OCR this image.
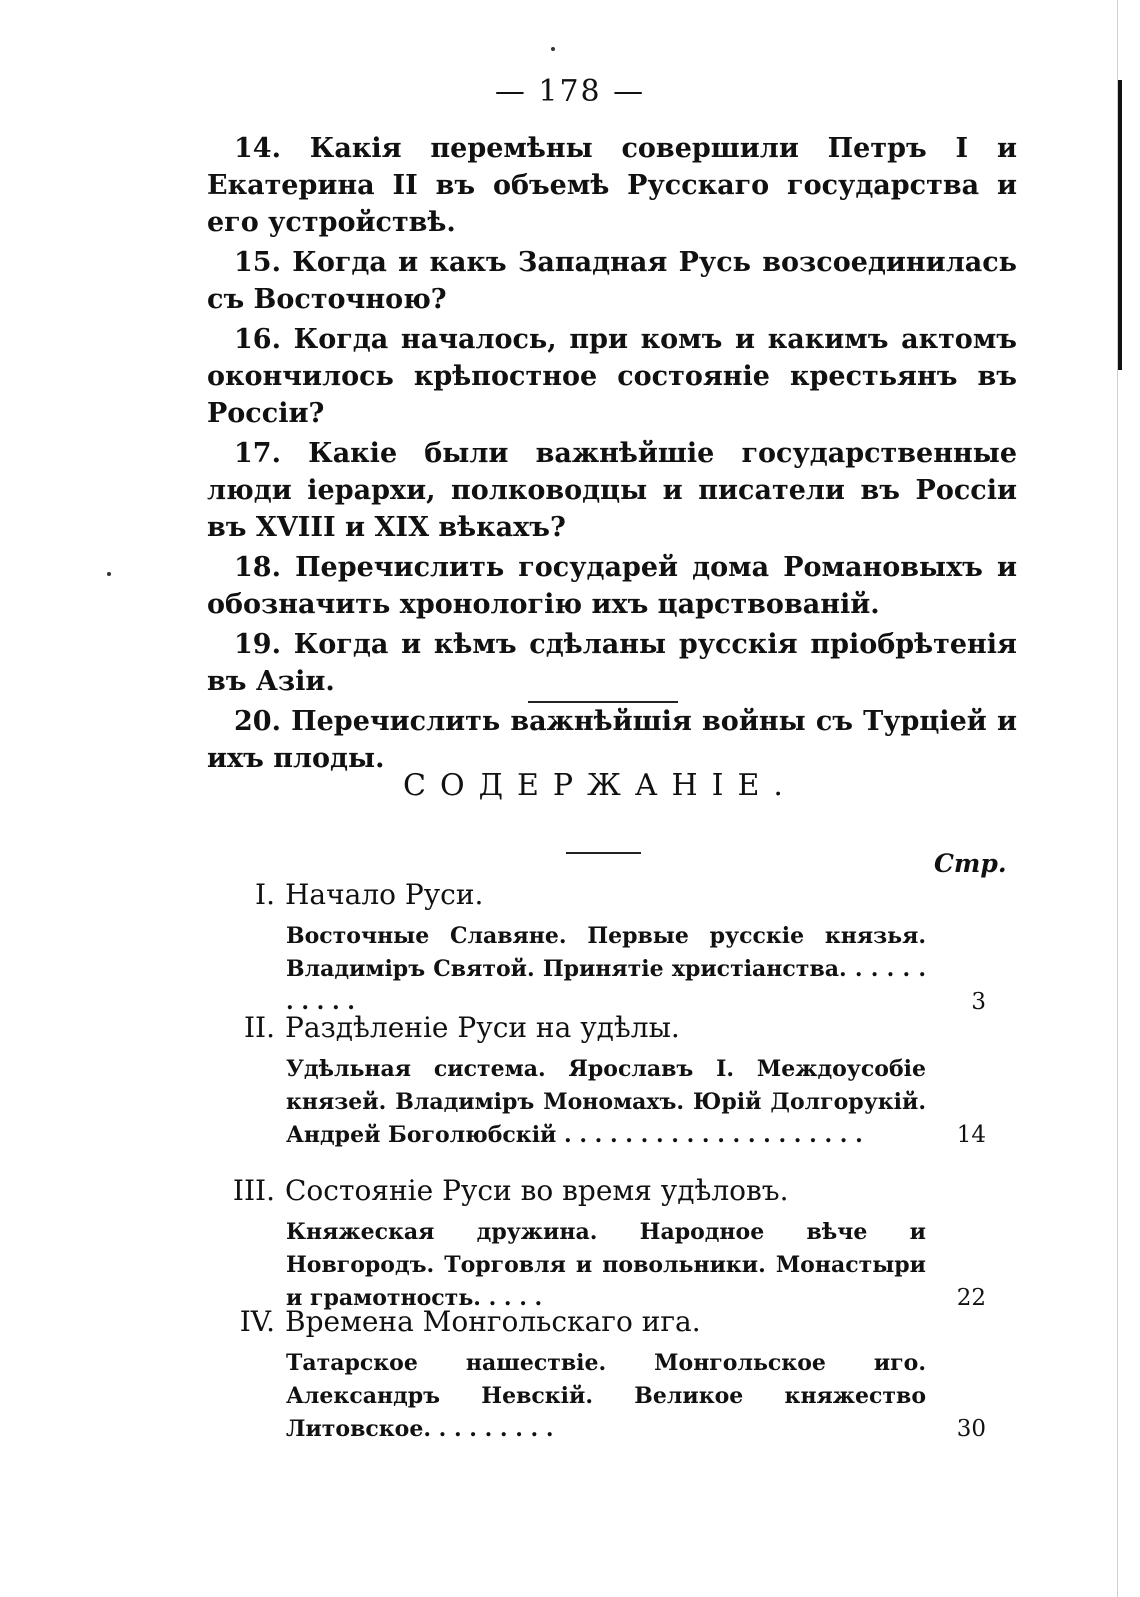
— 178 —

14. Какія перемѣны совершили Петръ I и Екатерина II въ объемѣ Русскаго государства и его устройствѣ.

15. Когда и какъ Западная Русь возсоединилась съ Восточною?

16. Когда началось, при комъ и какимъ актомъ окончилось крѣпостное состояніе крестьянъ въ Россіи?

17. Какіе были важнѣйшіе государственные люди іерархи, полководцы и писатели въ Россіи въ XVIII и XIX вѣкахъ?

18. Перечислить государей дома Романовыхъ и обозначить хронологію ихъ царствованій.

19. Когда и кѣмъ сдѣланы русскія пріобрѣтенія въ Азіи.

20. Перечислить важнѣйшія войны съ Турціей и ихъ плоды.

СОДЕРЖАНІЕ.
Стр.
I. Начало Руси.
Восточные Славяне. Первые русскіе князья. Владиміръ Святой. Принятіе христіанства. . . . . . . . . . .	3
II. Раздѣленіе Руси на удѣлы.
Удѣльная система. Ярославъ I. Междоусобіе князей. Владиміръ Мономахъ. Юрій Долгорукій. Андрей Боголюбскій . . . . . . . . . . . . . . . . . . . .	14
III. Состояніе Руси во время удѣловъ.
Княжеская дружина. Народное вѣче и Новгородъ. Торговля и повольники. Монастыри и грамотность. . . . .	22
IV. Времена Монгольскаго ига.
Татарское нашествіе. Монгольское иго. Александръ Невскій. Великое княжество Литовское. . . . . . . . .	30
